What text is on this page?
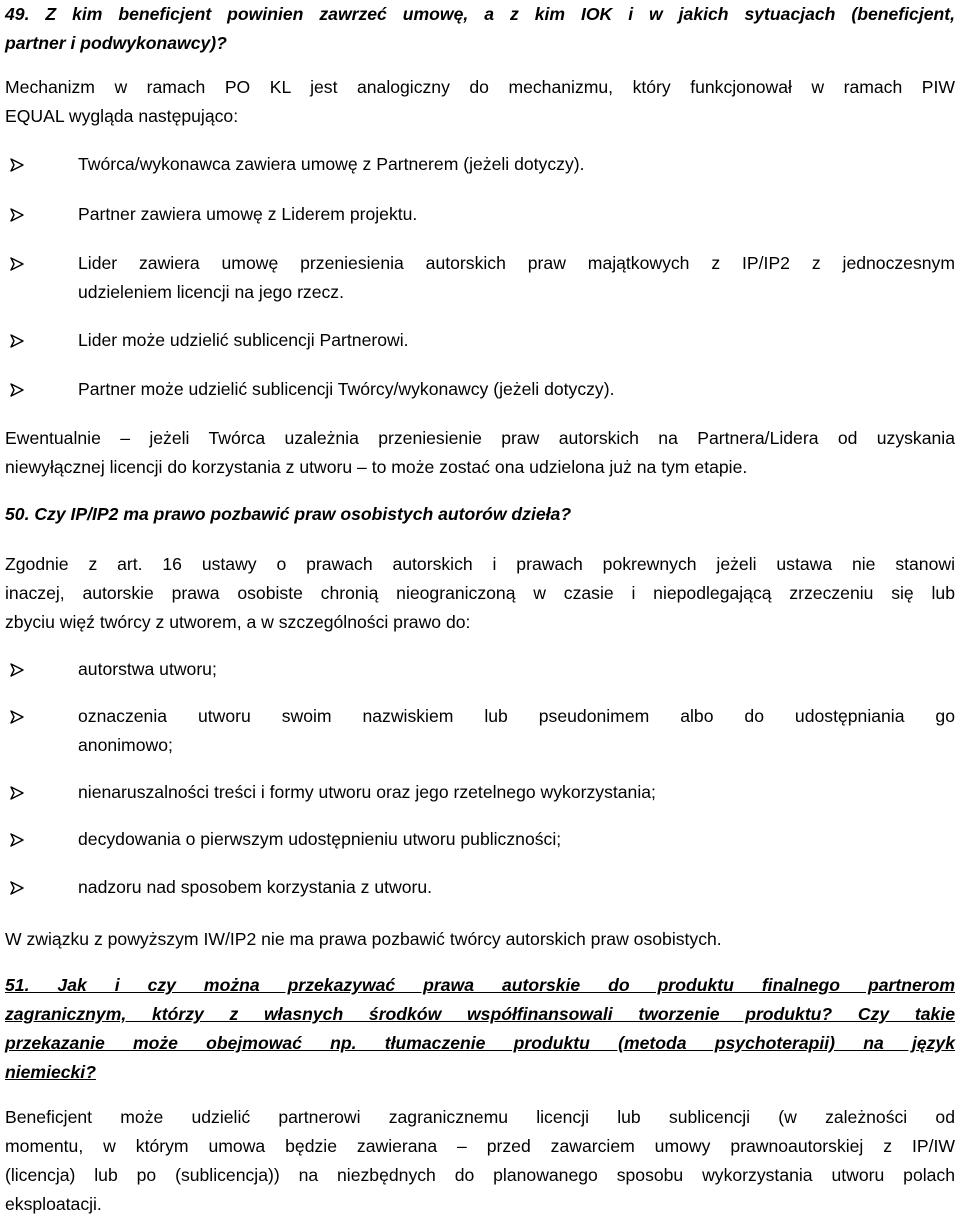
49. Z kim beneficjent powinien zawrzeć umowę, a z kim IOK i w jakich sytuacjach (beneficjent,
partner i podwykonawcy)?
Mechanizm w ramach PO KL jest analogiczny do mechanizmu, który funkcjonował w ramach PIW
EQUAL wygląda następująco:
Twórca/wykonawca zawiera umowę z Partnerem (jeżeli dotyczy).
Partner zawiera umowę z Liderem projektu.
Lider zawiera umowę przeniesienia autorskich praw majątkowych z IP/IP2 z jednoczesnym
udzieleniem licencji na jego rzecz.
Lider może udzielić sublicencji Partnerowi.
Partner może udzielić sublicencji Twórcy/wykonawcy (jeżeli dotyczy).
Ewentualnie – jeżeli Twórca uzależnia przeniesienie praw autorskich na Partnera/Lidera od uzyskania
niewyłącznej licencji do korzystania z utworu – to może zostać ona udzielona już na tym etapie.
50. Czy IP/IP2 ma prawo pozbawić praw osobistych autorów dzieła?
Zgodnie z art. 16 ustawy o prawach autorskich i prawach pokrewnych jeżeli ustawa nie stanowi
inaczej, autorskie prawa osobiste chronią nieograniczoną w czasie i niepodlegającą zrzeczeniu się lub
zbyciu więź twórcy z utworem, a w szczególności prawo do:
autorstwa utworu;
oznaczenia utworu swoim nazwiskiem lub pseudonimem albo do udostępniania go
anonimowo;
nienaruszalności treści i formy utworu oraz jego rzetelnego wykorzystania;
decydowania o pierwszym udostępnieniu utworu publiczności;
nadzoru nad sposobem korzystania z utworu.
W związku z powyższym IW/IP2 nie ma prawa pozbawić twórcy autorskich praw osobistych.
51. Jak i czy można przekazywać prawa autorskie do produktu finalnego partnerom
zagranicznym, którzy z własnych środków współfinansowali tworzenie produktu? Czy takie
przekazanie może obejmować np. tłumaczenie produktu (metoda psychoterapii) na język
niemiecki?
Beneficjent może udzielić partnerowi zagranicznemu licencji lub sublicencji (w zależności od
momentu, w którym umowa będzie zawierana – przed zawarciem umowy prawnoautorskiej z IP/IW
(licencja) lub po (sublicencja)) na niezbędnych do planowanego sposobu wykorzystania utworu polach
eksploatacji.
